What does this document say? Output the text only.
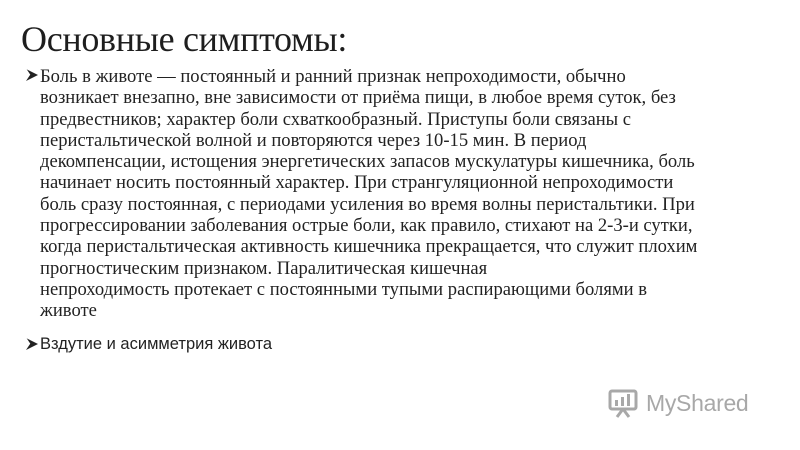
Основные симптомы:
Боль в животе — постоянный и ранний признак непроходимости, обычно
возникает внезапно, вне зависимости от приёма пищи, в любое время суток, без
предвестников; характер боли схваткообразный. Приступы боли связаны с
перистальтической волной и повторяются через 10-15 мин. В период
декомпенсации, истощения энергетических запасов мускулатуры кишечника, боль
начинает носить постоянный характер. При странгуляционной непроходимости
боль сразу постоянная, с периодами усиления во время волны перистальтики. При
прогрессировании заболевания острые боли, как правило, стихают на 2-3-и сутки,
когда перистальтическая активность кишечника прекращается, что служит плохим
прогностическим признаком. Паралитическая кишечная
непроходимость протекает с постоянными тупыми распирающими болями в
животе
Вздутие и асимметрия живота
MyShared
